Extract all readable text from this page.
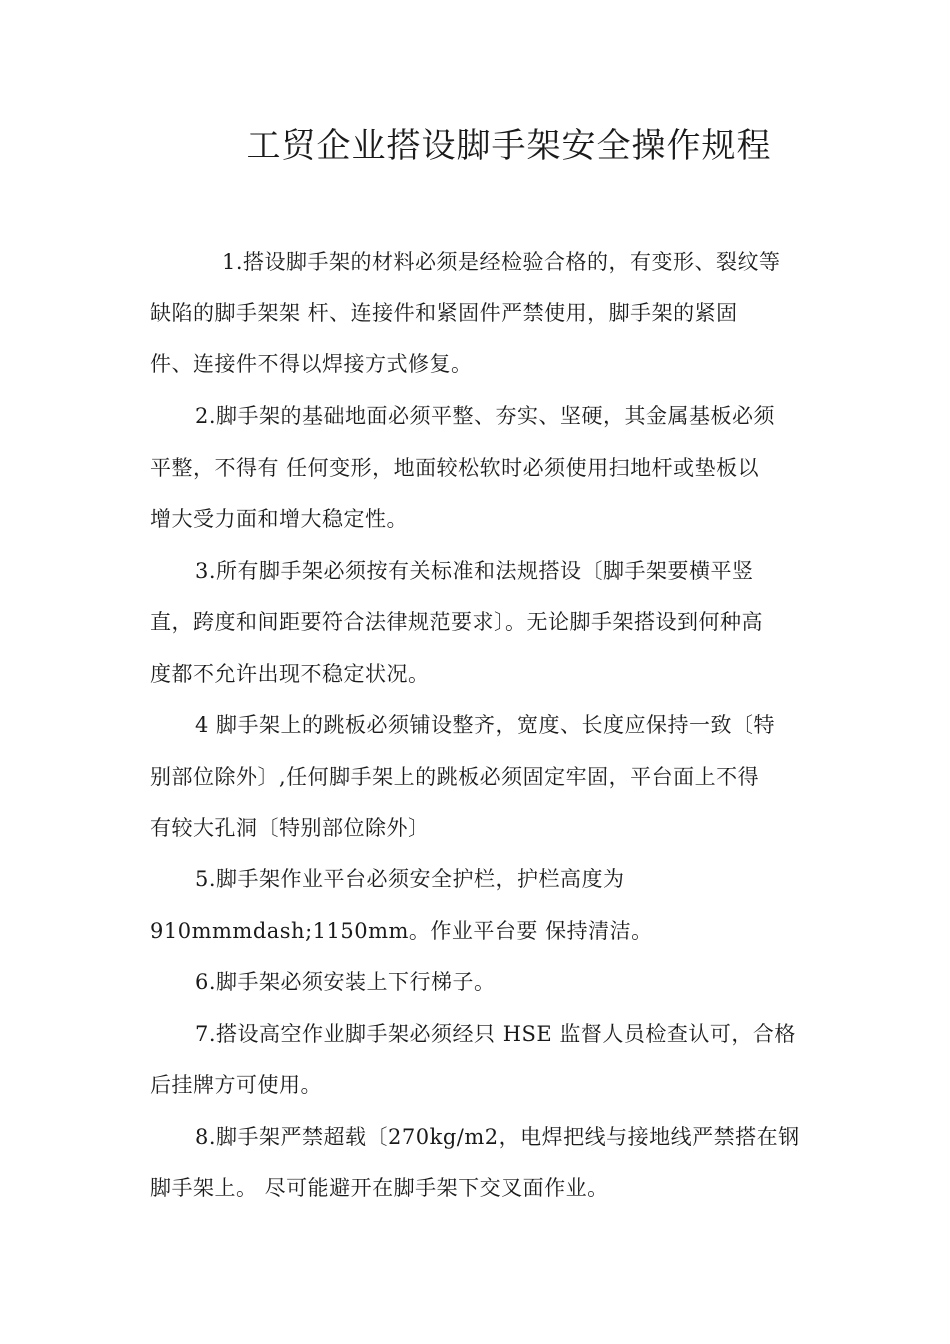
工贸企业搭设脚手架安全操作规程
1.搭设脚手架的材料必须是经检验合格的，有变形、裂纹等
缺陷的脚手架架 杆、连接件和紧固件严禁使用，脚手架的紧固
件、连接件不得以焊接方式修复。
2.脚手架的基础地面必须平整、夯实、坚硬，其金属基板必须
平整，不得有 任何变形，地面较松软时必须使用扫地杆或垫板以
增大受力面和增大稳定性。
3.所有脚手架必须按有关标准和法规搭设〔脚手架要横平竖
直，跨度和间距要符合法律规范要求〕。无论脚手架搭设到何种高
度都不允许出现不稳定状况。
4 脚手架上的跳板必须铺设整齐，宽度、长度应保持一致〔特
别部位除外〕,任何脚手架上的跳板必须固定牢固，平台面上不得
有较大孔洞〔特别部位除外〕
5.脚手架作业平台必须安全护栏，护栏高度为
910mmmdash;1150mm。作业平台要 保持清洁。
6.脚手架必须安装上下行梯子。
7.搭设高空作业脚手架必须经只 HSE 监督人员检查认可，合格
后挂牌方可使用。
8.脚手架严禁超载〔270kg/m2，电焊把线与接地线严禁搭在钢
脚手架上。 尽可能避开在脚手架下交叉面作业。
